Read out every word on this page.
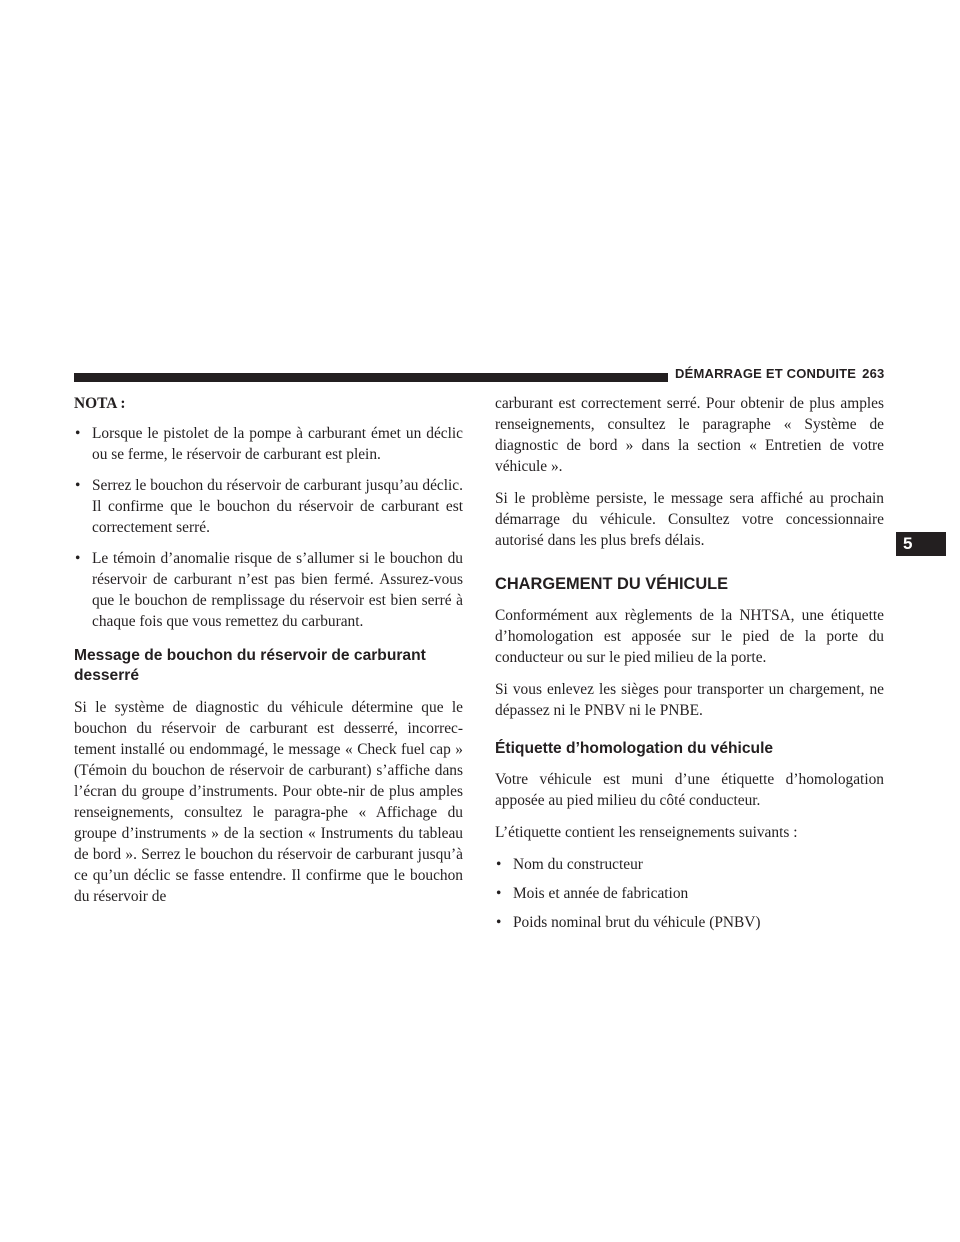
DÉMARRAGE ET CONDUITE 263
5

NOTA :

• Lorsque le pistolet de la pompe à carburant émet un déclic ou se ferme, le réservoir de carburant est plein.
• Serrez le bouchon du réservoir de carburant jusqu’au déclic. Il confirme que le bouchon du réservoir de carburant est correctement serré.
• Le témoin d’anomalie risque de s’allumer si le bouchon du réservoir de carburant n’est pas bien fermé. Assurez-vous que le bouchon de remplissage du réservoir est bien serré à chaque fois que vous remettez du carburant.
Message de bouchon du réservoir de carburant desserré

Si le système de diagnostic du véhicule détermine que le bouchon du réservoir de carburant est desserré, incorrec-tement installé ou endommagé, le message « Check fuel cap » (Témoin du bouchon de réservoir de carburant) s’affiche dans l’écran du groupe d’instruments. Pour obte-nir de plus amples renseignements, consultez le paragra-phe « Affichage du groupe d’instruments » de la section « Instruments du tableau de bord ». Serrez le bouchon du réservoir de carburant jusqu’à ce qu’un déclic se fasse entendre. Il confirme que le bouchon du réservoir de

carburant est correctement serré. Pour obtenir de plus amples renseignements, consultez le paragraphe « Système de diagnostic de bord » dans la section « Entretien de votre véhicule ».

Si le problème persiste, le message sera affiché au prochain démarrage du véhicule. Consultez votre concessionnaire autorisé dans les plus brefs délais.

CHARGEMENT DU VÉHICULE

Conformément aux règlements de la NHTSA, une étiquette d’homologation est apposée sur le pied de la porte du conducteur ou sur le pied milieu de la porte.

Si vous enlevez les sièges pour transporter un chargement, ne dépassez ni le PNBV ni le PNBE.

Étiquette d’homologation du véhicule

Votre véhicule est muni d’une étiquette d’homologation apposée au pied milieu du côté conducteur.

L’étiquette contient les renseignements suivants :

• Nom du constructeur
• Mois et année de fabrication
• Poids nominal brut du véhicule (PNBV)
